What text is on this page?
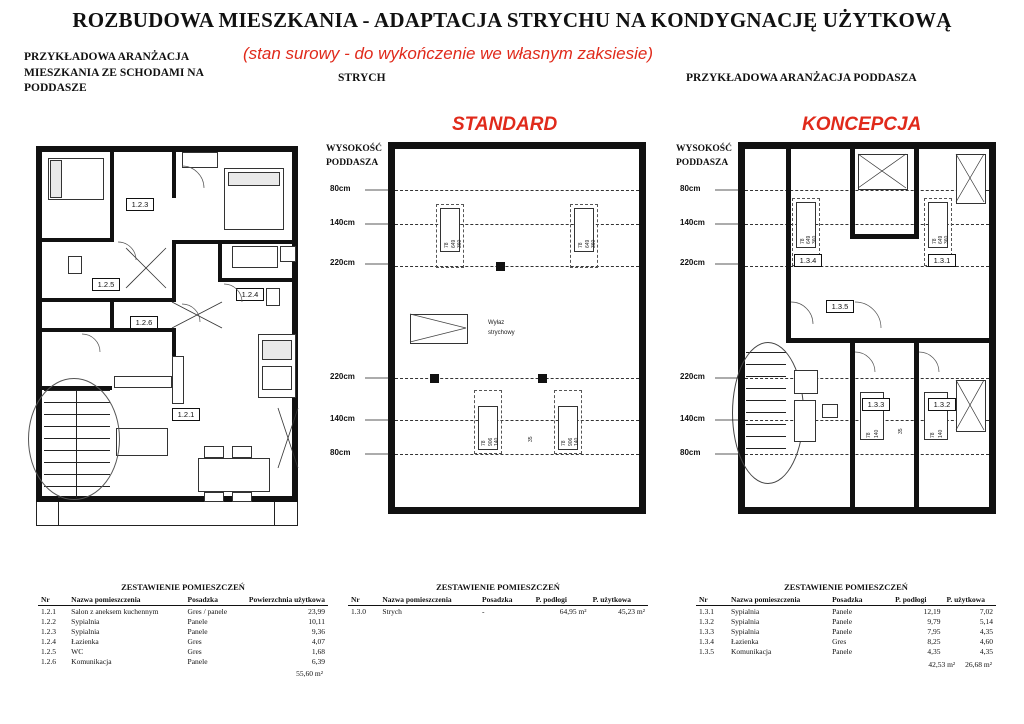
ROZBUDOWA MIESZKANIA - ADAPTACJA STRYCHU NA KONDYGNACJĘ UŻYTKOWĄ
PRZYKŁADOWA ARANŻACJA MIESZKANIA ZE SCHODAMI NA PODDASZE
(stan surowy - do wykończenie we własnym zaksiesie)
STRYCH	PRZYKŁADOWA ARANŻACJA PODDASZA
STANDARD	KONCEPCJA
WYSOKOŚĆ
PODDASZA
WYSOKOŚĆ
PODDASZA
1.2.1
1.2.3
1.2.4
1.2.5
1.2.6
78 649 360	78 649 360
78 906 140	35
78 906 140
Wyłaz
strychowy
80cm
140cm
220cm
220cm
140cm
80cm
1.3.1
1.3.2
1.3.3
1.3.4
1.3.5
78 649 360	78 649 360
78 140	35
78 140
80cm
140cm
220cm
220cm
140cm
80cm
ZESTAWIENIE POMIESZCZEŃ
Nr	Nazwa pomieszczenia	Posadzka	Powierzchnia użytkowa
1.2.1	Salon z aneksem kuchennym	Gres / panele	23,99
1.2.2	Sypialnia	Panele	10,11
1.2.3	Sypialnia	Panele	9,36
1.2.4	Łazienka	Gres	4,07
1.2.5	WC	Gres	1,68
1.2.6	Komunikacja	Panele	6,39
55,60 m²
ZESTAWIENIE POMIESZCZEŃ
Nr	Nazwa pomieszczenia	Posadzka	P. podłogi	P. użytkowa
1.3.0	Strych	-	64,95 m²	45,23 m²
ZESTAWIENIE POMIESZCZEŃ
Nr	Nazwa pomieszczenia	Posadzka	P. podłogi	P. użytkowa
1.3.1	Sypialnia	Panele	12,19	7,02
1.3.2	Sypialnia	Panele	9,79	5,14
1.3.3	Sypialnia	Panele	7,95	4,35
1.3.4	Łazienka	Gres	8,25	4,60
1.3.5	Komunikacja	Panele	4,35	4,35
42,53 m² 26,68 m²
